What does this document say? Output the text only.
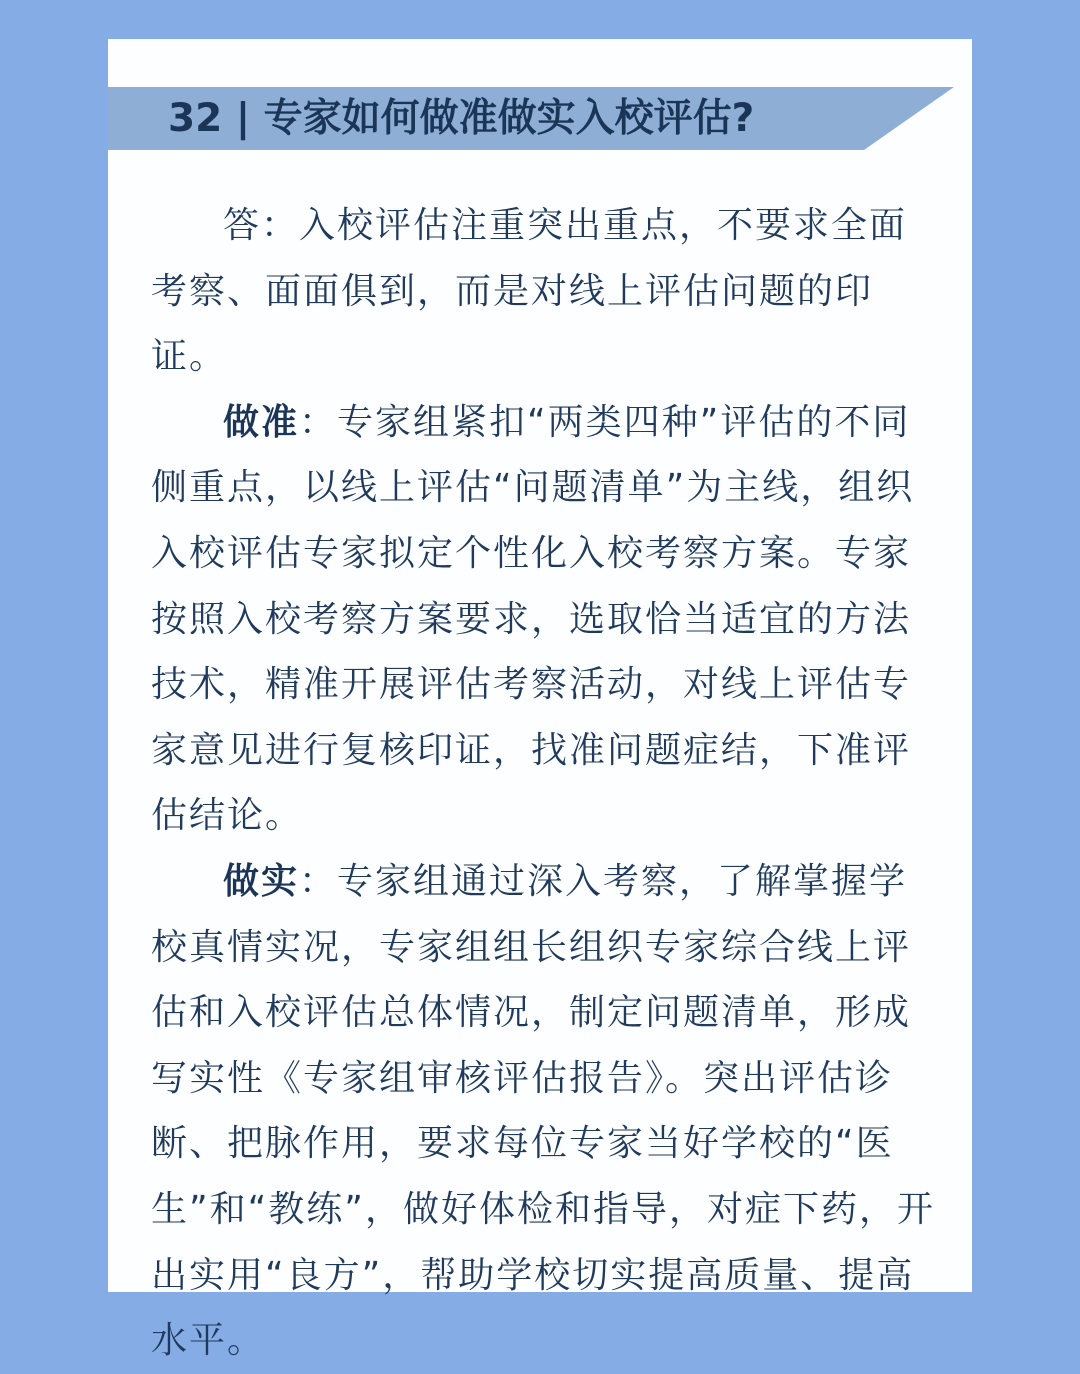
32 | 专家如何做准做实入校评估?

答：入校评估注重突出重点，不要求全面考察、面面俱到，而是对线上评估问题的印证。

做准：专家组紧扣“两类四种”评估的不同侧重点，以线上评估“问题清单”为主线，组织入校评估专家拟定个性化入校考察方案。专家按照入校考察方案要求，选取恰当适宜的方法技术，精准开展评估考察活动，对线上评估专家意见进行复核印证，找准问题症结，下准评估结论。

做实：专家组通过深入考察，了解掌握学校真情实况，专家组组长组织专家综合线上评估和入校评估总体情况，制定问题清单，形成写实性《专家组审核评估报告》。突出评估诊断、把脉作用，要求每位专家当好学校的“医生”和“教练”，做好体检和指导，对症下药，开出实用“良方”，帮助学校切实提高质量、提高水平。
